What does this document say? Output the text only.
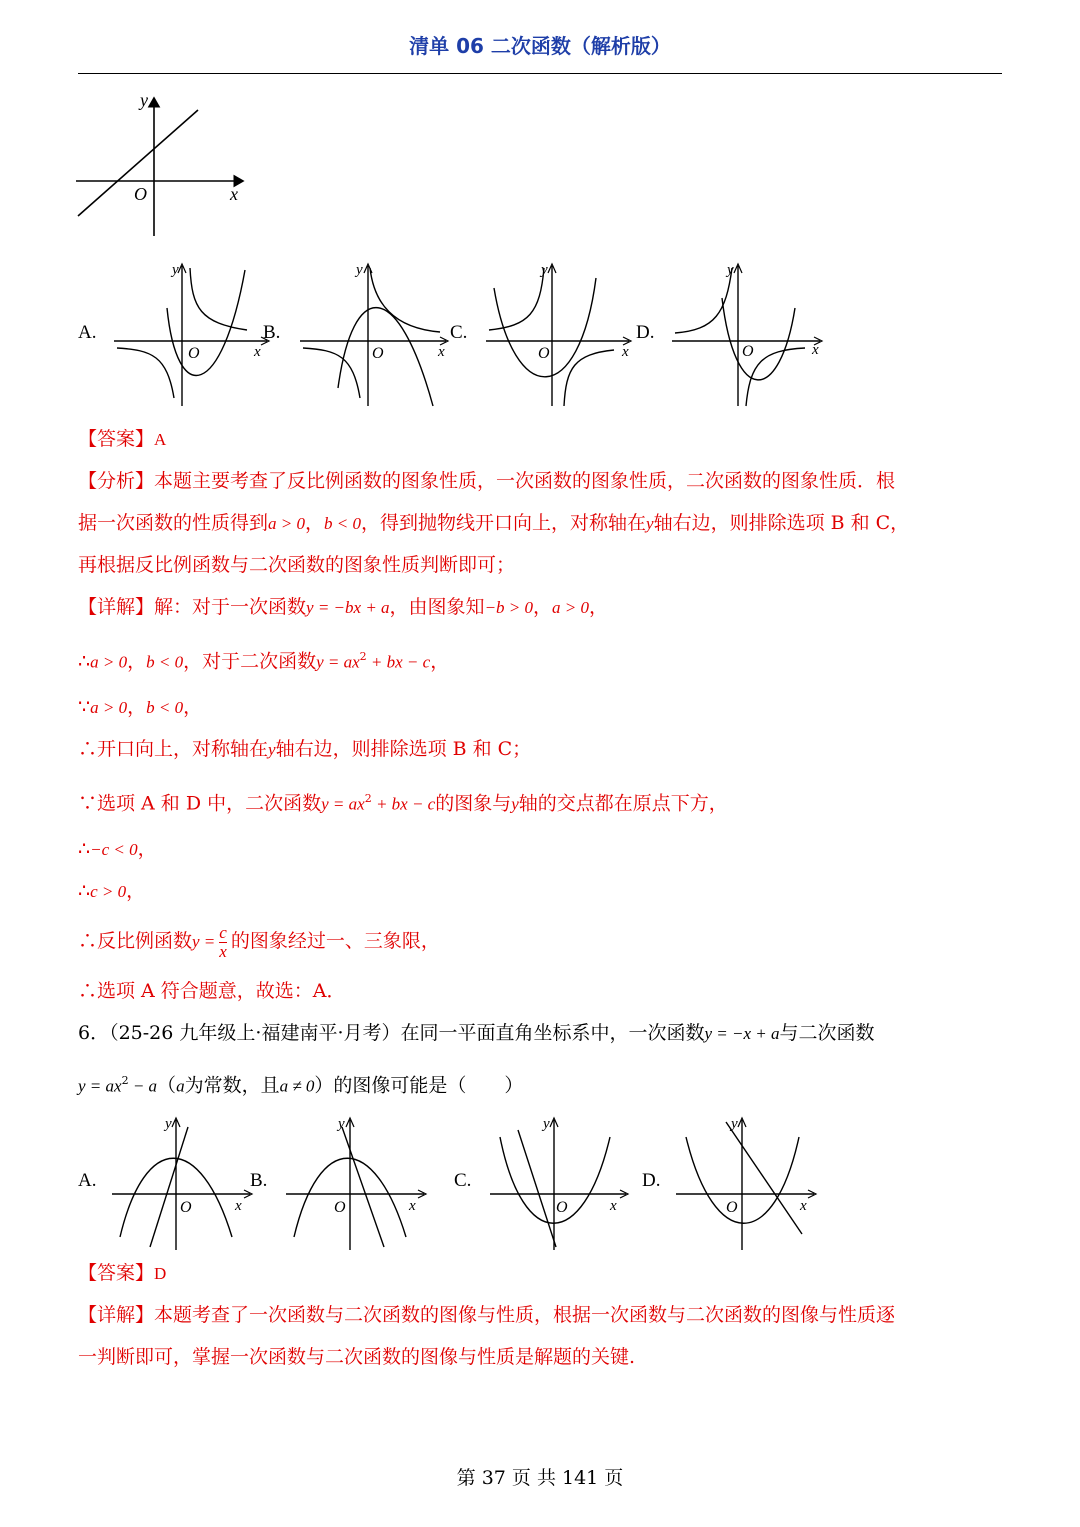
清单 06 二次函数（解析版）
O	x
y
A.	B.	C.	D.
O	x
y
O	x
y
O	x
y
O	x
y
【答案】A
【分析】本题主要考查了反比例函数的图象性质，一次函数的图象性质，二次函数的图象性质．根
据一次函数的性质得到a > 0，b < 0，得到抛物线开口向上，对称轴在y轴右边，则排除选项 B 和 C，
再根据反比例函数与二次函数的图象性质判断即可；
【详解】解：对于一次函数y = −bx + a，由图象知−b > 0，a > 0，
∴a > 0，b < 0，对于二次函数$y = ax^2$ + bx − c，
∵a > 0，b < 0，
∴开口向上，对称轴在y轴右边，则排除选项 B 和 C；
∵选项 A 和 D 中，二次函数$y = ax^2$ + bx − c的图象与y轴的交点都在原点下方，
∴−c < 0，
∴c > 0，
∴反比例函数$y = \frac{c}{x}$ 的图象经过一、三象限，
∴选项 A 符合题意，故选：A．
6．（25-26 九年级上·福建南平·月考）在同一平面直角坐标系中，一次函数y = −x + a与二次函数
$y = ax^2 - a(a$为常数，且a ≠ 0）的图像可能是（　　）
A.	B.	C.	D.
O	x
y
O	x
y
O	x
y
O	x
y
【答案】D
【详解】本题考查了一次函数与二次函数的图像与性质，根据一次函数与二次函数的图像与性质逐
一判断即可，掌握一次函数与二次函数的图像与性质是解题的关键.
第 37 页 共 141 页
